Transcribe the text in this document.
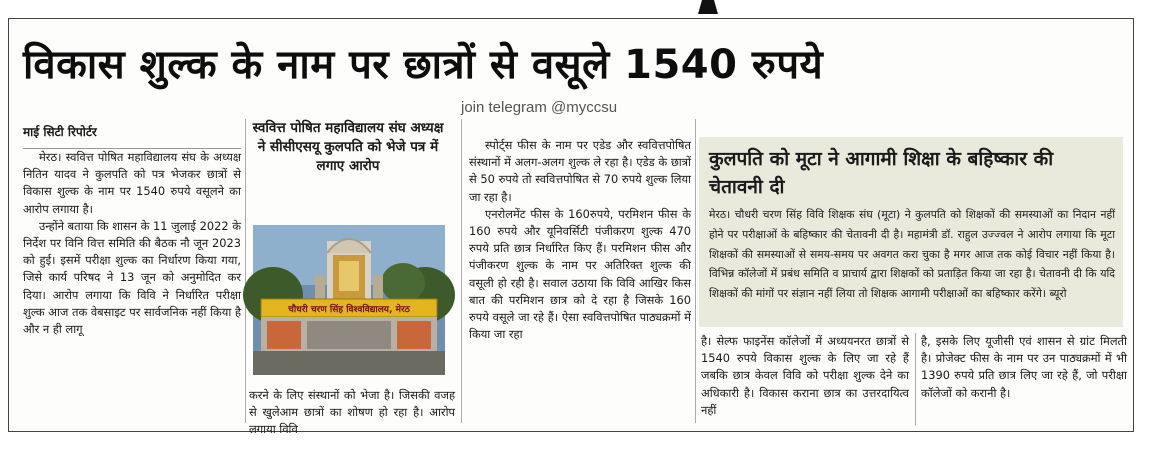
विकास शुल्क के नाम पर छात्रों से वसूले 1540 रुपये
join telegram @myccsu
माई सिटी रिपोर्टर

मेरठ। स्ववित्त पोषित महाविद्यालय संघ के अध्यक्ष नितिन यादव ने कुलपति को पत्र भेजकर छात्रों से विकास शुल्क के नाम पर 1540 रुपये वसूलने का आरोप लगाया है।

उन्होंने बताया कि शासन के 11 जुलाई 2022 के निर्देश पर विनि वित्त समिति की बैठक नौ जून 2023 को हुई। इसमें परीक्षा शुल्क का निर्धारण किया गया, जिसे कार्य परिषद ने 13 जून को अनुमोदित कर दिया। आरोप लगाया कि विवि ने निर्धारित परीक्षा शुल्क आज तक वेबसाइट पर सार्वजनिक नहीं किया है और न ही लागू

स्ववित्त पोषित महाविद्यालय संघ अध्यक्ष ने सीसीएसयू कुलपति को भेजे पत्र में लगाए आरोप
चौधरी चरण सिंह विश्वविद्यालय, मेरठ
करने के लिए संस्थानों को भेजा है। जिसकी वजह से खुलेआम छात्रों का शोषण हो रहा है। आरोप लगाया विवि

स्पोर्ट्स फीस के नाम पर एडेड और स्ववित्तपोषित संस्थानों में अलग-अलग शुल्क ले रहा है। एडेड के छात्रों से 50 रुपये तो स्ववित्तपोषित से 70 रुपये शुल्क लिया जा रहा है।

एनरोलमेंट फीस के 160रुपये, परमिशन फीस के 160 रुपये और यूनिवर्सिटी पंजीकरण शुल्क 470 रुपये प्रति छात्र निर्धारित किए हैं। परमिशन फीस और पंजीकरण शुल्क के नाम पर अतिरिक्त शुल्क की वसूली हो रही है। सवाल उठाया कि विवि आखिर किस बात की परमिशन छात्र को दे रहा है जिसके 160 रुपये वसूले जा रहे हैं। ऐसा स्ववित्तपोषित पाठ्यक्रमों में किया जा रहा

कुलपति को मूटा ने आगामी शिक्षा के बहिष्कार की चेतावनी दी
मेरठ। चौधरी चरण सिंह विवि शिक्षक संघ (मूटा) ने कुलपति को शिक्षकों की समस्याओं का निदान नहीं होने पर परीक्षाओं के बहिष्कार की चेतावनी दी है। महामंत्री डॉ. राहुल उज्ज्वल ने आरोप लगाया कि मूटा शिक्षकों की समस्याओं से समय-समय पर अवगत करा चुका है मगर आज तक कोई विचार नहीं किया है। विभिन्न कॉलेजों में प्रबंध समिति व प्राचार्य द्वारा शिक्षकों को प्रताड़ित किया जा रहा है। चेतावनी दी कि यदि शिक्षकों की मांगों पर संज्ञान नहीं लिया तो शिक्षक आगामी परीक्षाओं का बहिष्कार करेंगे। ब्यूरो
है। सेल्फ फाइनेंस कॉलेजों में अध्ययनरत छात्रों से 1540 रुपये विकास शुल्क के लिए जा रहे हैं जबकि छात्र केवल विवि को परीक्षा शुल्क देने का अधिकारी है। विकास कराना छात्र का उत्तरदायित्व नहीं
है, इसके लिए यूजीसी एवं शासन से ग्रांट मिलती है। प्रोजेक्ट फीस के नाम पर उन पाठ्यक्रमों में भी 1390 रुपये प्रति छात्र लिए जा रहे हैं, जो परीक्षा कॉलेजों को करानी है।
